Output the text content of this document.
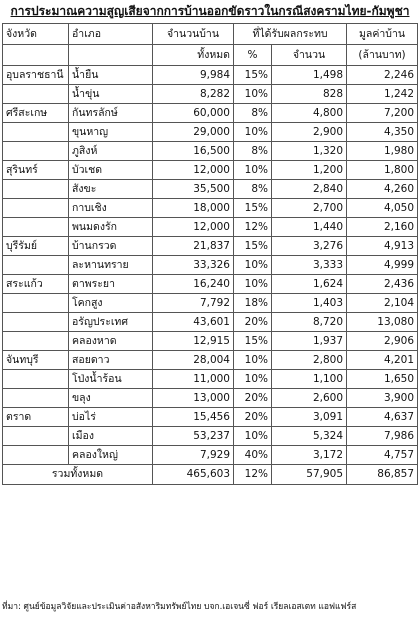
การประมาณความสูญเสียจากการบ้านออกขัดราวในกรณีสงครามไทย-กัมพูชา
จังหวัด	อำเภอ	จำนวนบ้าน	ที่ได้รับผลกระทบ		มูลค่าบ้าน
		ทั้งหมด	%	จำนวน	(ล้านบาท)
อุบลราชธานี	น้ำยืน	9,984	15%	1,498	2,246
	น้ำขุ่น	8,282	10%	828	1,242
ศรีสะเกษ	กันทรลักษ์	60,000	8%	4,800	7,200
	ขุนหาญ	29,000	10%	2,900	4,350
	ภูสิงห์	16,500	8%	1,320	1,980
สุรินทร์	บัวเชด	12,000	10%	1,200	1,800
	สังขะ	35,500	8%	2,840	4,260
	กาบเชิง	18,000	15%	2,700	4,050
	พนมดงรัก	12,000	12%	1,440	2,160
บุรีรัมย์	บ้านกรวด	21,837	15%	3,276	4,913
	ละหานทราย	33,326	10%	3,333	4,999
สระแก้ว	ตาพระยา	16,240	10%	1,624	2,436
	โคกสูง	7,792	18%	1,403	2,104
	อรัญประเทศ	43,601	20%	8,720	13,080
	คลองหาด	12,915	15%	1,937	2,906
จันทบุรี	สอยดาว	28,004	10%	2,800	4,201
	โป่งน้ำร้อน	11,000	10%	1,100	1,650
	ขลุง	13,000	20%	2,600	3,900
ตราด	บ่อไร่	15,456	20%	3,091	4,637
	เมือง	53,237	10%	5,324	7,986
	คลองใหญ่	7,929	40%	3,172	4,757
รวมทั้งหมด		465,603	12%	57,905	86,857
ที่มา: ศูนย์ข้อมูลวิจัยและประเมินค่าอสังหาริมทรัพย์ไทย บจก.เอเจนซี่ ฟอร์ เรียลเอสเตท แอฟแฟร์ส
